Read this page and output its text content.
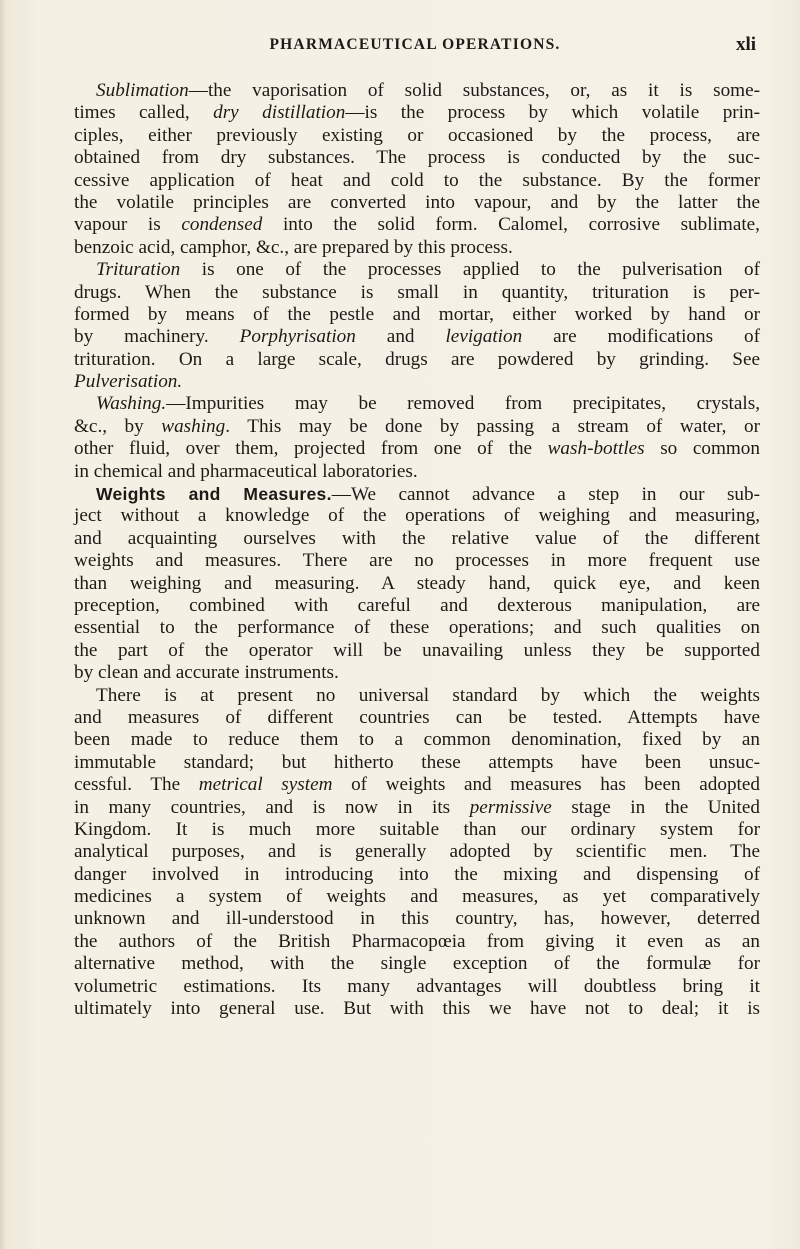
PHARMACEUTICAL OPERATIONS.	xli
Sublimation—the vaporisation of solid substances, or, as it is some-
times called, dry distillation—is the process by which volatile prin-
ciples, either previously existing or occasioned by the process, are
obtained from dry substances. The process is conducted by the suc-
cessive application of heat and cold to the substance. By the former
the volatile principles are converted into vapour, and by the latter the
vapour is condensed into the solid form. Calomel, corrosive sublimate,
benzoic acid, camphor, &c., are prepared by this process.
Trituration is one of the processes applied to the pulverisation of
drugs. When the substance is small in quantity, trituration is per-
formed by means of the pestle and mortar, either worked by hand or
by machinery. Porphyrisation and levigation are modifications of
trituration. On a large scale, drugs are powdered by grinding. See
Pulverisation.
Washing.—Impurities may be removed from precipitates, crystals,
&c., by washing. This may be done by passing a stream of water, or
other fluid, over them, projected from one of the wash-bottles so common
in chemical and pharmaceutical laboratories.
Weights and Measures.—We cannot advance a step in our sub-
ject without a knowledge of the operations of weighing and measuring,
and acquainting ourselves with the relative value of the different
weights and measures. There are no processes in more frequent use
than weighing and measuring. A steady hand, quick eye, and keen
preception, combined with careful and dexterous manipulation, are
essential to the performance of these operations; and such qualities on
the part of the operator will be unavailing unless they be supported
by clean and accurate instruments.
There is at present no universal standard by which the weights
and measures of different countries can be tested. Attempts have
been made to reduce them to a common denomination, fixed by an
immutable standard; but hitherto these attempts have been unsuc-
cessful. The metrical system of weights and measures has been adopted
in many countries, and is now in its permissive stage in the United
Kingdom. It is much more suitable than our ordinary system for
analytical purposes, and is generally adopted by scientific men. The
danger involved in introducing into the mixing and dispensing of
medicines a system of weights and measures, as yet comparatively
unknown and ill-understood in this country, has, however, deterred
the authors of the British Pharmacopœia from giving it even as an
alternative method, with the single exception of the formulæ for
volumetric estimations. Its many advantages will doubtless bring it
ultimately into general use. But with this we have not to deal; it is
